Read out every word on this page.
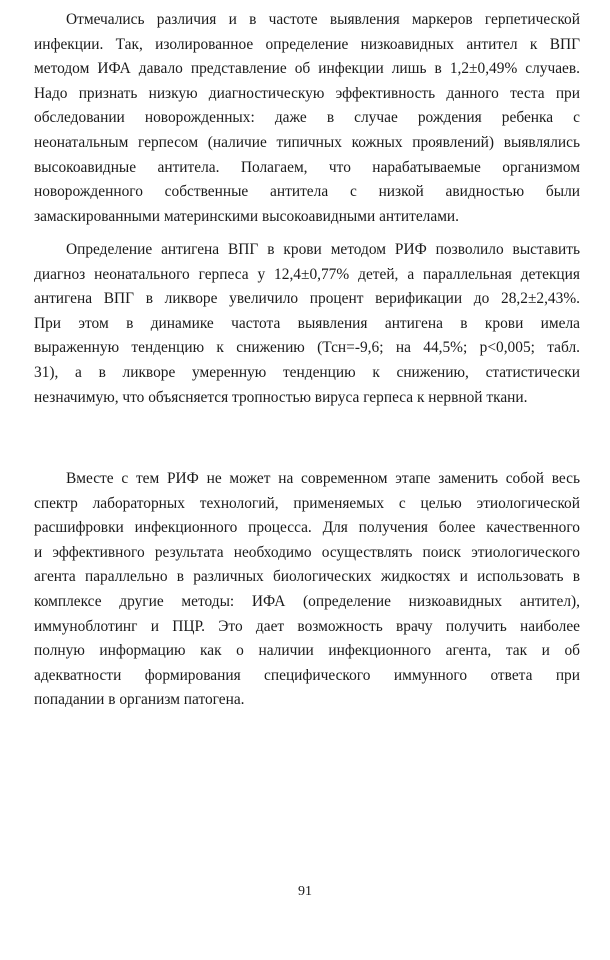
Отмечались различия и в частоте выявления маркеров герпетической
инфекции. Так, изолированное определение низкоавидных антител к ВПГ
методом ИФА давало представление об инфекции лишь в 1,2±0,49% случаев.
Надо признать низкую диагностическую эффективность данного теста при
обследовании новорожденных: даже в случае рождения ребенка с
неонатальным герпесом (наличие типичных кожных проявлений) выявлялись
высокоавидные антитела. Полагаем, что нарабатываемые организмом
новорожденного собственные антитела с низкой авидностью были
замаскированными материнскими высокоавидными антителами.
Определение антигена ВПГ в крови методом РИФ позволило выставить
диагноз неонатального герпеса у 12,4±0,77% детей, а параллельная детекция
антигена ВПГ в ликворе увеличило процент верификации до 28,2±2,43%.
При этом в динамике частота выявления антигена в крови имела
выраженную тенденцию к снижению (Тсн=-9,6; на 44,5%; p<0,005; табл.
31), а в ликворе умеренную тенденцию к снижению, статистически
незначимую, что объясняется тропностью вируса герпеса к нервной ткани.
Вместе с тем РИФ не может на современном этапе заменить собой весь
спектр лабораторных технологий, применяемых с целью этиологической
расшифровки инфекционного процесса. Для получения более качественного
и эффективного результата необходимо осуществлять поиск этиологического
агента параллельно в различных биологических жидкостях и использовать в
комплексе другие методы: ИФА (определение низкоавидных антител),
иммуноблотинг и ПЦР. Это дает возможность врачу получить наиболее
полную информацию как о наличии инфекционного агента, так и об
адекватности формирования специфического иммунного ответа при
попадании в организм патогена.
91
